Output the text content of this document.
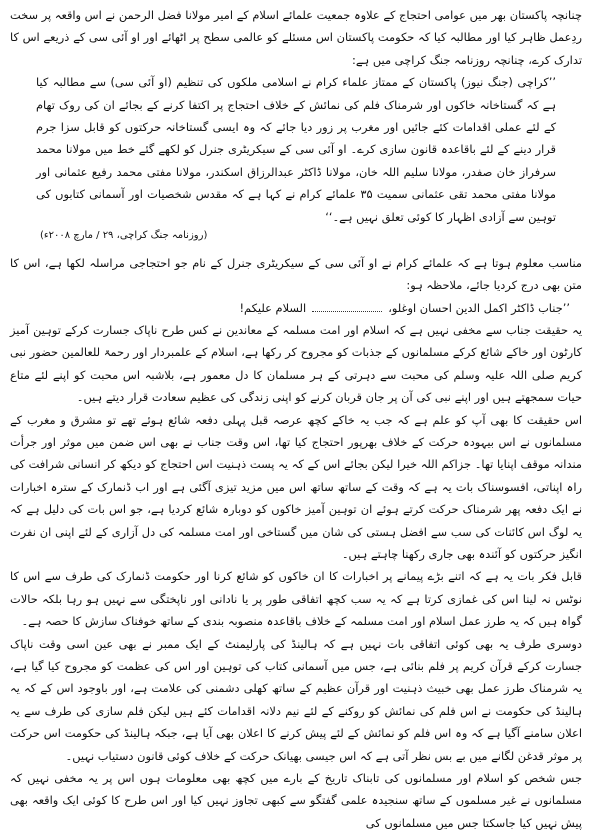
چنانچہ پاکستان بھر میں عوامی احتجاج کے علاوہ جمعیت علمائے اسلام کے امیر مولانا فضل الرحمن نے اس واقعہ پر سخت ردِعمل ظاہر کیا اور مطالبہ کیا کہ حکومت پاکستان اس مسئلے کو عالمی سطح پر اٹھائے اور او آئی سی کے ذریعے اس کا تدارک کرے، چنانچہ روزنامہ جنگ کراچی میں ہے:

’’کراچی (جنگ نیوز) پاکستان کے ممتاز علماء کرام نے اسلامی ملکوں کی تنظیم (او آئی سی) سے مطالبہ کیا ہے کہ گستاخانہ خاکوں اور شرمناک فلم کی نمائش کے خلاف احتجاج پر اکتفا کرنے کے بجائے ان کی روک تھام کے لئے عملی اقدامات کئے جائیں اور مغرب پر زور دیا جائے کہ وہ ایسی گستاخانہ حرکتوں کو قابل سزا جرم قرار دینے کے لئے باقاعدہ قانون سازی کرے۔ او آئی سی کے سیکریٹری جنرل کو لکھے گئے خط میں مولانا محمد سرفراز خان صفدر، مولانا سلیم اللہ خان، مولانا ڈاکٹر عبدالرزاق اسکندر، مولانا مفتی محمد رفیع عثمانی اور مولانا مفتی محمد تقی عثمانی سمیت ۳۵ علمائے کرام نے کہا ہے کہ مقدس شخصیات اور آسمانی کتابوں کی توہین سے آزادی اظہار کا کوئی تعلق نہیں ہے۔‘‘

(روزنامہ جنگ کراچی، ۲۹ / مارچ ۲۰۰۸ء)

مناسب معلوم ہوتا ہے کہ علمائے کرام نے او آئی سی کے سیکریٹری جنرل کے نام جو احتجاجی مراسلہ لکھا ہے، اس کا متن بھی درج کردیا جائے، ملاحظہ ہو:

’’جناب ڈاکٹر اکمل الدین احسان اوغلو،السلام علیکم!

یہ حقیقت جناب سے مخفی نہیں ہے کہ اسلام اور امت مسلمہ کے معاندین نے کس طرح ناپاک جسارت کرکے توہین آمیز کارٹون اور خاکے شائع کرکے مسلمانوں کے جذبات کو مجروح کر رکھا ہے، اسلام کے علمبردار اور رحمۃ للعالمین حضور نبی کریم صلی اللہ علیہ وسلم کی محبت سے دہرتی کے ہر مسلمان کا دل معمور ہے، بلاشبہ اس محبت کو اپنے لئے متاع حیات سمجھتے ہیں اور اپنے نبی کی آن پر جان قربان کرنے کو اپنی زندگی کی عظیم سعادت قرار دیتے ہیں۔

اس حقیقت کا بھی آپ کو علم ہے کہ جب یہ خاکے کچھ عرصہ قبل پہلی دفعہ شائع ہوئے تھے تو مشرق و مغرب کے مسلمانوں نے اس بیہودہ حرکت کے خلاف بھرپور احتجاج کیا تھا، اس وقت جناب نے بھی اس ضمن میں موثر اور جرأت مندانہ موقف اپنایا تھا۔ جزاکم اللہ خیرا لیکن بجائے اس کے کہ یہ پست ذہنیت اس احتجاج کو دیکھ کر انسانی شرافت کی راہ اپناتی، افسوسناک بات یہ ہے کہ وقت کے ساتھ ساتھ اس میں مزید تیزی آگئی ہے اور اب ڈنمارک کے سترہ اخبارات نے ایک دفعہ پھر شرمناک حرکت کرتے ہوئے ان توہین آمیز خاکوں کو دوبارہ شائع کردیا ہے، جو اس بات کی دلیل ہے کہ یہ لوگ اس کائنات کی سب سے افضل ہستی کی شان میں گستاخی اور امت مسلمہ کی دل آزاری کے لئے اپنی ان نفرت انگیز حرکتوں کو آئندہ بھی جاری رکھنا چاہتے ہیں۔

قابل فکر بات یہ ہے کہ اتنے بڑے پیمانے پر اخبارات کا ان خاکوں کو شائع کرنا اور حکومت ڈنمارک کی طرف سے اس کا نوٹس نہ لینا اس کی غمازی کرتا ہے کہ یہ سب کچھ اتفاقی طور پر یا نادانی اور ناپختگی سے نہیں ہو رہا بلکہ حالات گواہ ہیں کہ یہ طرز عمل اسلام اور امت مسلمہ کے خلاف باقاعدہ منصوبہ بندی کے ساتھ خوفناک سازش کا حصہ ہے۔

دوسری طرف یہ بھی کوئی اتفاقی بات نہیں ہے کہ ہالینڈ کی پارلیمنٹ کے ایک ممبر نے بھی عین اسی وقت ناپاک جسارت کرکے قرآن کریم پر فلم بنائی ہے، جس میں آسمانی کتاب کی توہین اور اس کی عظمت کو مجروح کیا گیا ہے، یہ شرمناک طرز عمل بھی خبیث ذہنیت اور قرآن عظیم کے ساتھ کھلی دشمنی کی علامت ہے، اور باوجود اس کے کہ یہ ہالینڈ کی حکومت نے اس فلم کی نمائش کو روکنے کے لئے نیم دلانہ اقدامات کئے ہیں لیکن فلم سازی کی طرف سے یہ اعلان سامنے آگیا ہے کہ وہ اس فلم کو نمائش کے لئے پیش کرنے کا اعلان بھی آیا ہے، جبکہ ہالینڈ کی حکومت اس حرکت پر موثر قدغن لگانے میں بے بس نظر آتی ہے کہ اس جیسی بھیانک حرکت کے خلاف کوئی قانون دستیاب نہیں۔

جس شخص کو اسلام اور مسلمانوں کی تابناک تاریخ کے بارے میں کچھ بھی معلومات ہوں اس پر یہ مخفی نہیں کہ مسلمانوں نے غیر مسلموں کے ساتھ سنجیدہ علمی گفتگو سے کبھی تجاوز نہیں کیا اور اس طرح کا کوئی ایک واقعہ بھی پیش نہیں کیا جاسکتا جس میں مسلمانوں کی
